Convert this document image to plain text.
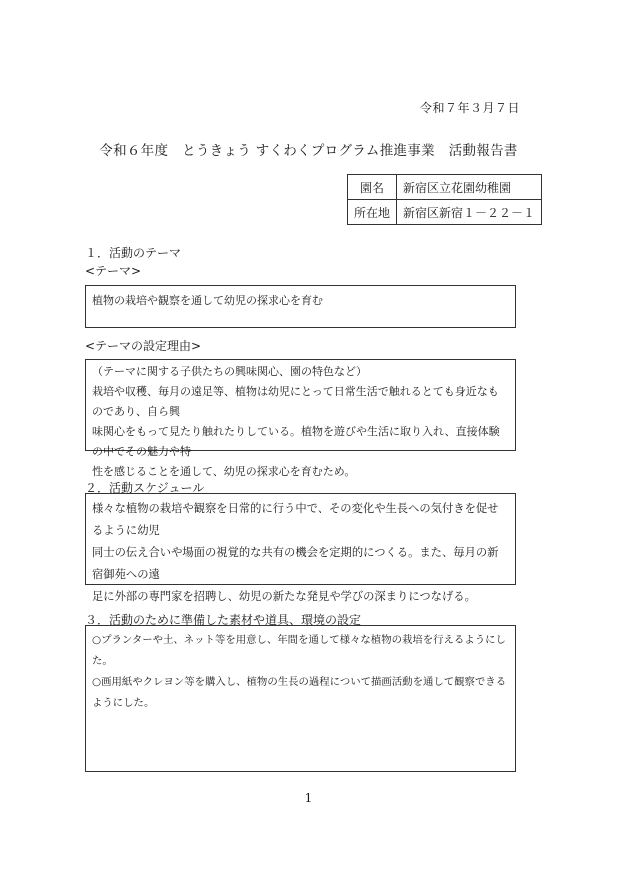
令和７年３月７日
令和６年度　とうきょう すくわくプログラム推進事業　活動報告書
園名	新宿区立花園幼稚園
所在地	新宿区新宿１－２２－１
１．活動のテーマ
<テーマ>

植物の栽培や観察を通して幼児の探求心を育む

<テーマの設定理由>

（テーマに関する子供たちの興味関心、園の特色など）

栽培や収穫、毎月の遠足等、植物は幼児にとって日常生活で触れるとても身近なものであり、自ら興

味関心をもって見たり触れたりしている。植物を遊びや生活に取り入れ、直接体験の中でその魅力や特

性を感じることを通して、幼児の探求心を育むため。

２．活動スケジュール

様々な植物の栽培や観察を日常的に行う中で、その変化や生長への気付きを促せるように幼児

同士の伝え合いや場面の視覚的な共有の機会を定期的につくる。また、毎月の新宿御苑への遠

足に外部の専門家を招聘し、幼児の新たな発見や学びの深まりにつなげる。

３．活動のために準備した素材や道具、環境の設定

○プランターや土、ネット等を用意し、年間を通して様々な植物の栽培を行えるようにした。

○画用紙やクレヨン等を購入し、植物の生長の過程について描画活動を通して観察できるようにした。

1
